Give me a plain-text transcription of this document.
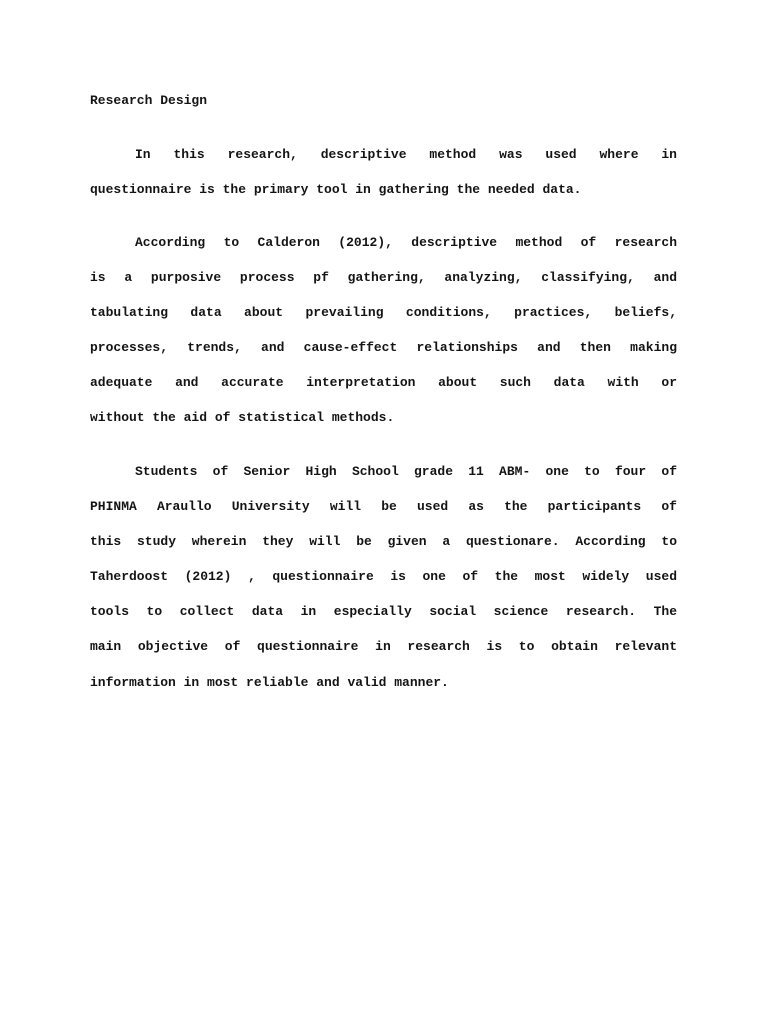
Research Design

In this research, descriptive method was used where in

questionnaire is the primary tool in gathering the needed data.

According to Calderon (2012), descriptive method of research

is a purposive process pf gathering, analyzing, classifying, and

tabulating data about prevailing conditions, practices, beliefs,

processes, trends, and cause-effect relationships and then making

adequate and accurate interpretation about such data with or

without the aid of statistical methods.

Students of Senior High School grade 11 ABM- one to four of

PHINMA Araullo University will be used as the participants of

this study wherein they will be given a questionare. According to

Taherdoost (2012) , questionnaire is one of the most widely used

tools to collect data in especially social science research. The

main objective of questionnaire in research is to obtain relevant

information in most reliable and valid manner.
